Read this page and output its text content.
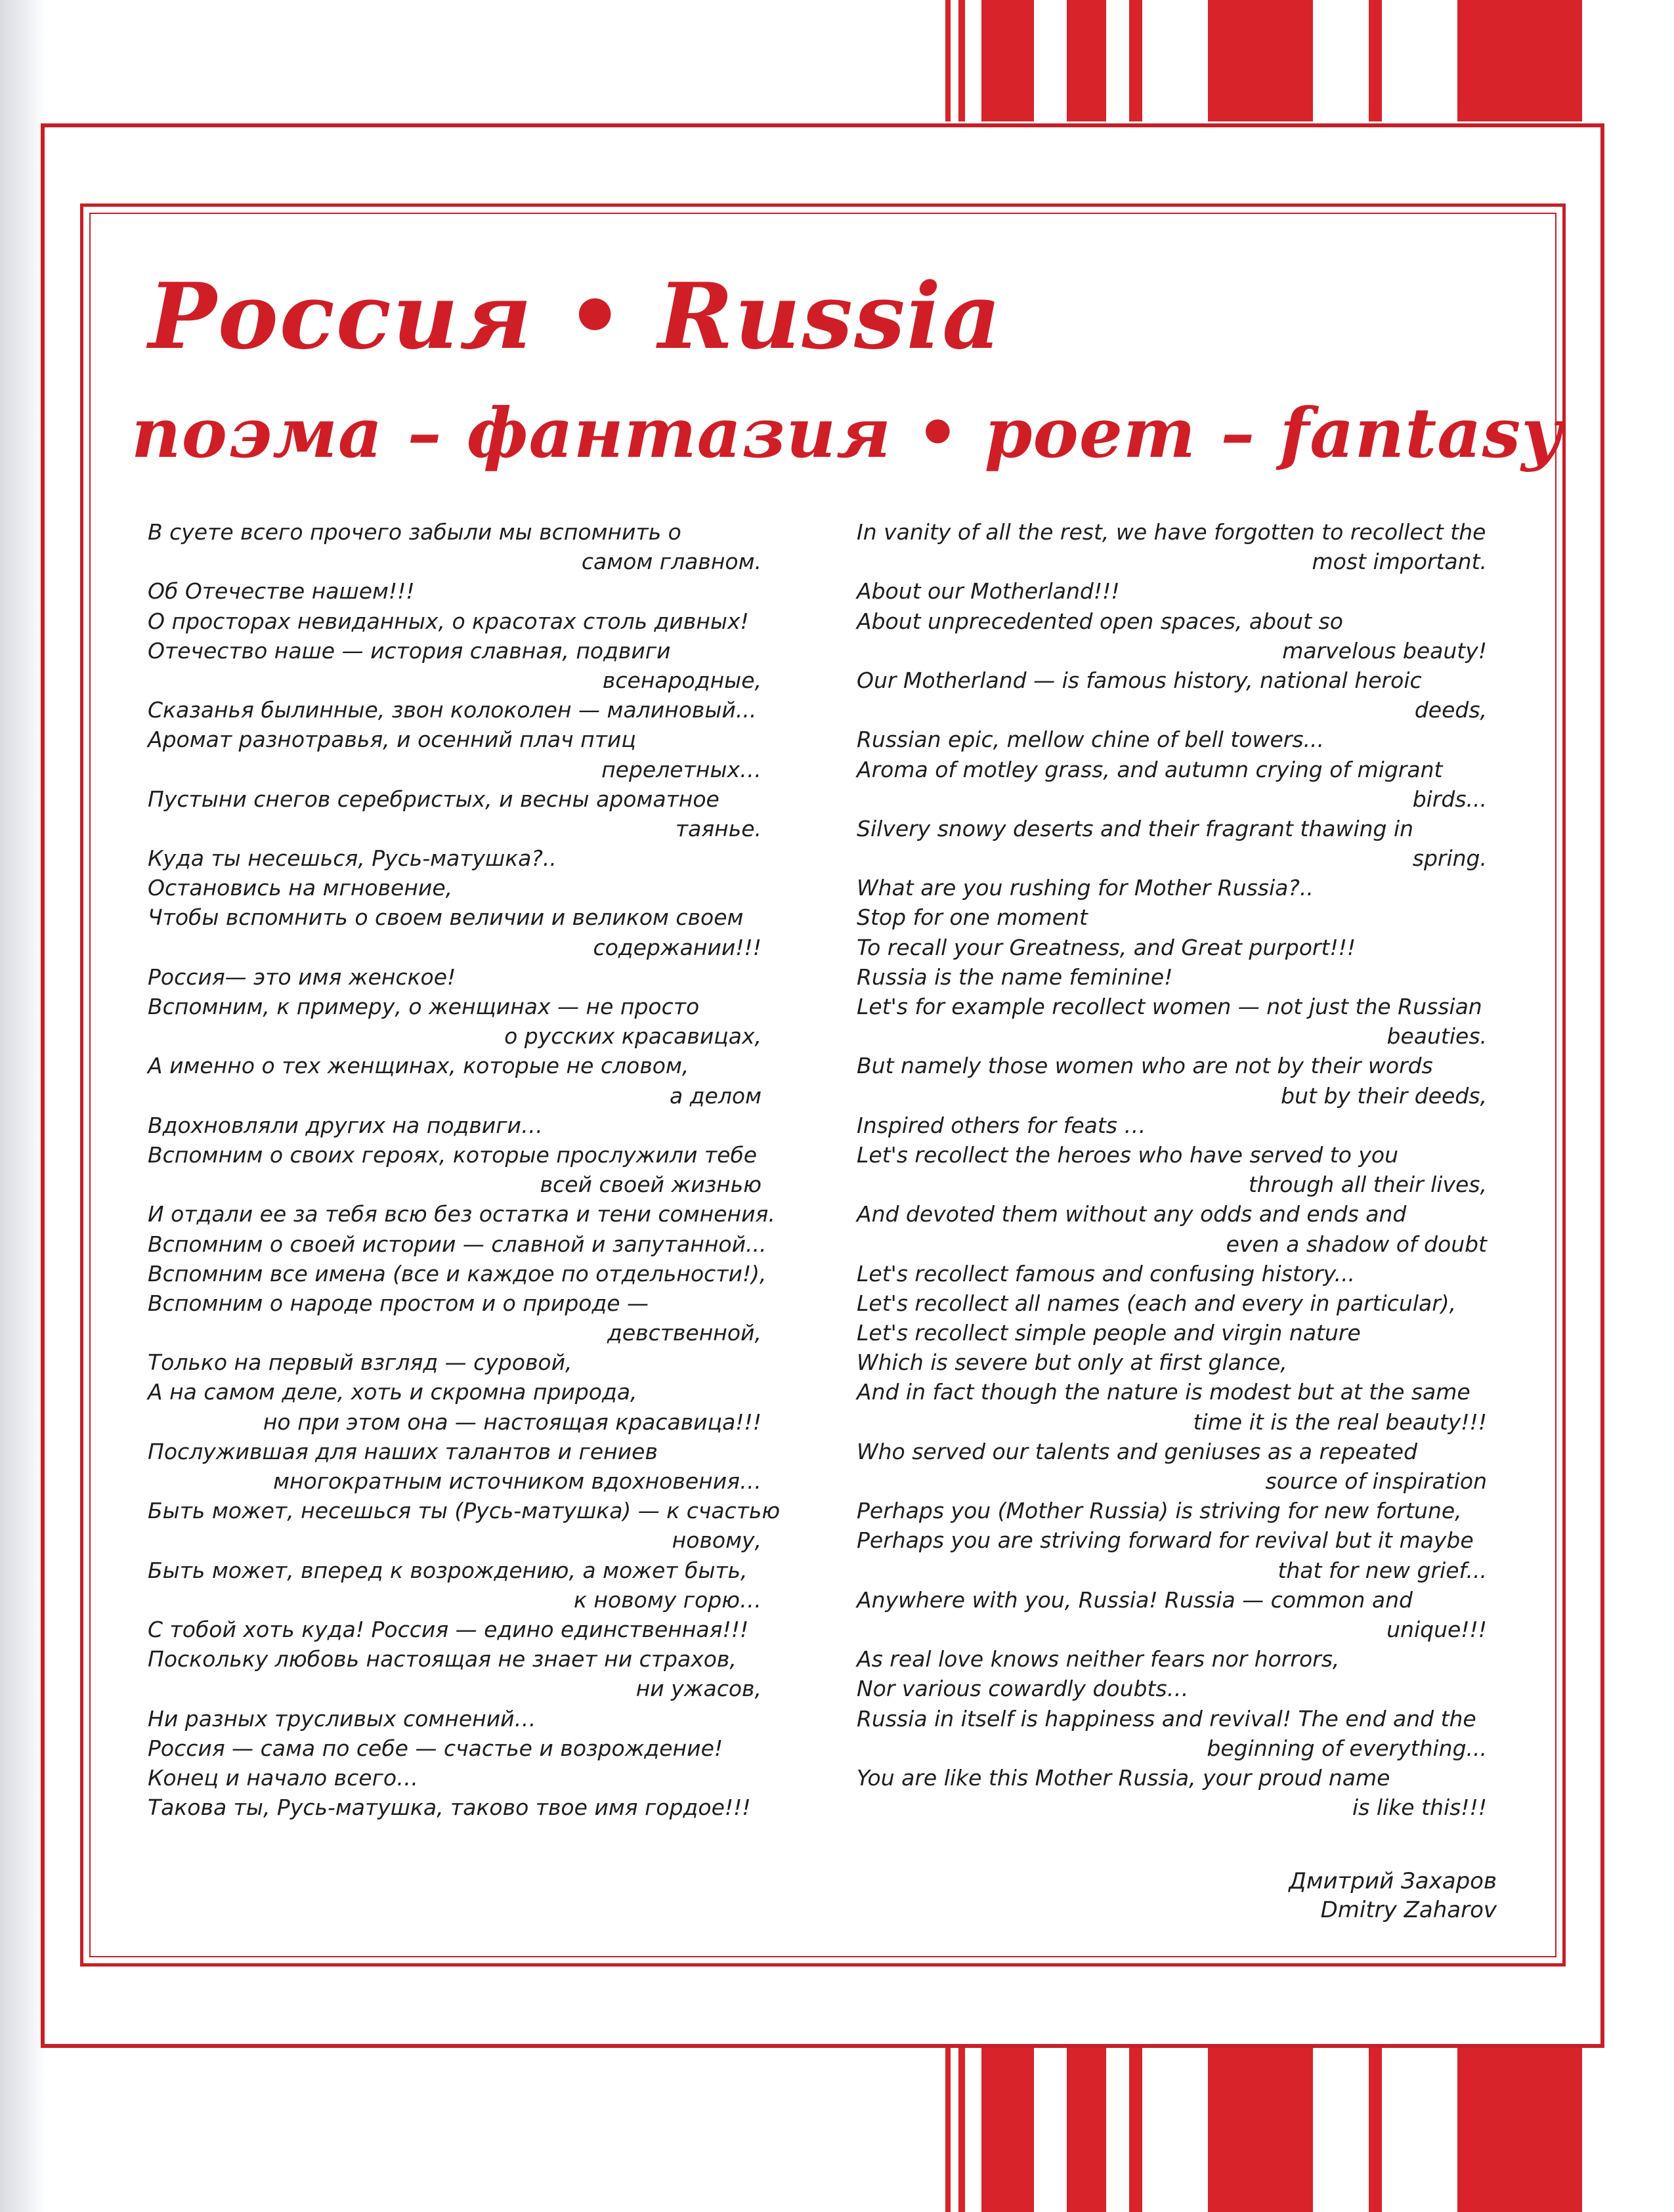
Россия • Russia
поэма – фантазия • poem – fantasy
В суете всего прочего забыли мы вспомнить о
самом главном.
Об Отечестве нашем!!!
О просторах невиданных, о красотах столь дивных!
Отечество наше — история славная, подвиги
всенародные,
Сказанья былинные, звон колоколен — малиновый...
Аромат разнотравья, и осенний плач птиц
перелетных…
Пустыни снегов серебристых, и весны ароматное
таянье.
Куда ты несешься, Русь-матушка?..
Остановись на мгновение,
Чтобы вспомнить о своем величии и великом своем
содержании!!!
Россия— это имя женское!
Вспомним, к примеру, о женщинах — не просто
о русских красавицах,
А именно о тех женщинах, которые не словом,
а делом
Вдохновляли других на подвиги…
Вспомним о своих героях, которые прослужили тебе
всей своей жизнью
И отдали ее за тебя всю без остатка и тени сомнения.
Вспомним о своей истории — славной и запутанной...
Вспомним все имена (все и каждое по отдельности!),
Вспомним о народе простом и о природе —
девственной,
Только на первый взгляд — суровой,
А на самом деле, хоть и скромна природа,
но при этом она — настоящая красавица!!!
Послужившая для наших талантов и гениев
многократным источником вдохновения…
Быть может, несешься ты (Русь-матушка) — к счастью
новому,
Быть может, вперед к возрождению, а может быть,
к новому горю…
С тобой хоть куда! Россия — едино единственная!!!
Поскольку любовь настоящая не знает ни страхов,
ни ужасов,
Ни разных трусливых сомнений…
Россия — сама по себе — счастье и возрождение!
Конец и начало всего…
Такова ты, Русь-матушка, таково твое имя гордое!!!
In vanity of all the rest, we have forgotten to recollect the
most important.
About our Motherland!!!
About unprecedented open spaces, about so
marvelous beauty!
Our Motherland — is famous history, national heroic
deeds,
Russian epic, mellow chine of bell towers...
Aroma of motley grass, and autumn crying of migrant
birds...
Silvery snowy deserts and their fragrant thawing in
spring.
What are you rushing for Mother Russia?..
Stop for one moment
To recall your Greatness, and Great purport!!!
Russia is the name feminine!
Let's for example recollect women — not just the Russian
beauties.
But namely those women who are not by their words
but by their deeds,
Inspired others for feats …
Let's recollect the heroes who have served to you
through all their lives,
And devoted them without any odds and ends and
even a shadow of doubt
Let's recollect famous and confusing history...
Let's recollect all names (each and every in particular),
Let's recollect simple people and virgin nature
Which is severe but only at first glance,
And in fact though the nature is modest but at the same
time it is the real beauty!!!
Who served our talents and geniuses as a repeated
source of inspiration
Perhaps you (Mother Russia) is striving for new fortune,
Perhaps you are striving forward for revival but it maybe
that for new grief...
Anywhere with you, Russia! Russia — common and
unique!!!
As real love knows neither fears nor horrors,
Nor various cowardly doubts…
Russia in itself is happiness and revival! The end and the
beginning of everything...
You are like this Mother Russia, your proud name
is like this!!!
Дмитрий Захаров
Dmitry Zaharov
